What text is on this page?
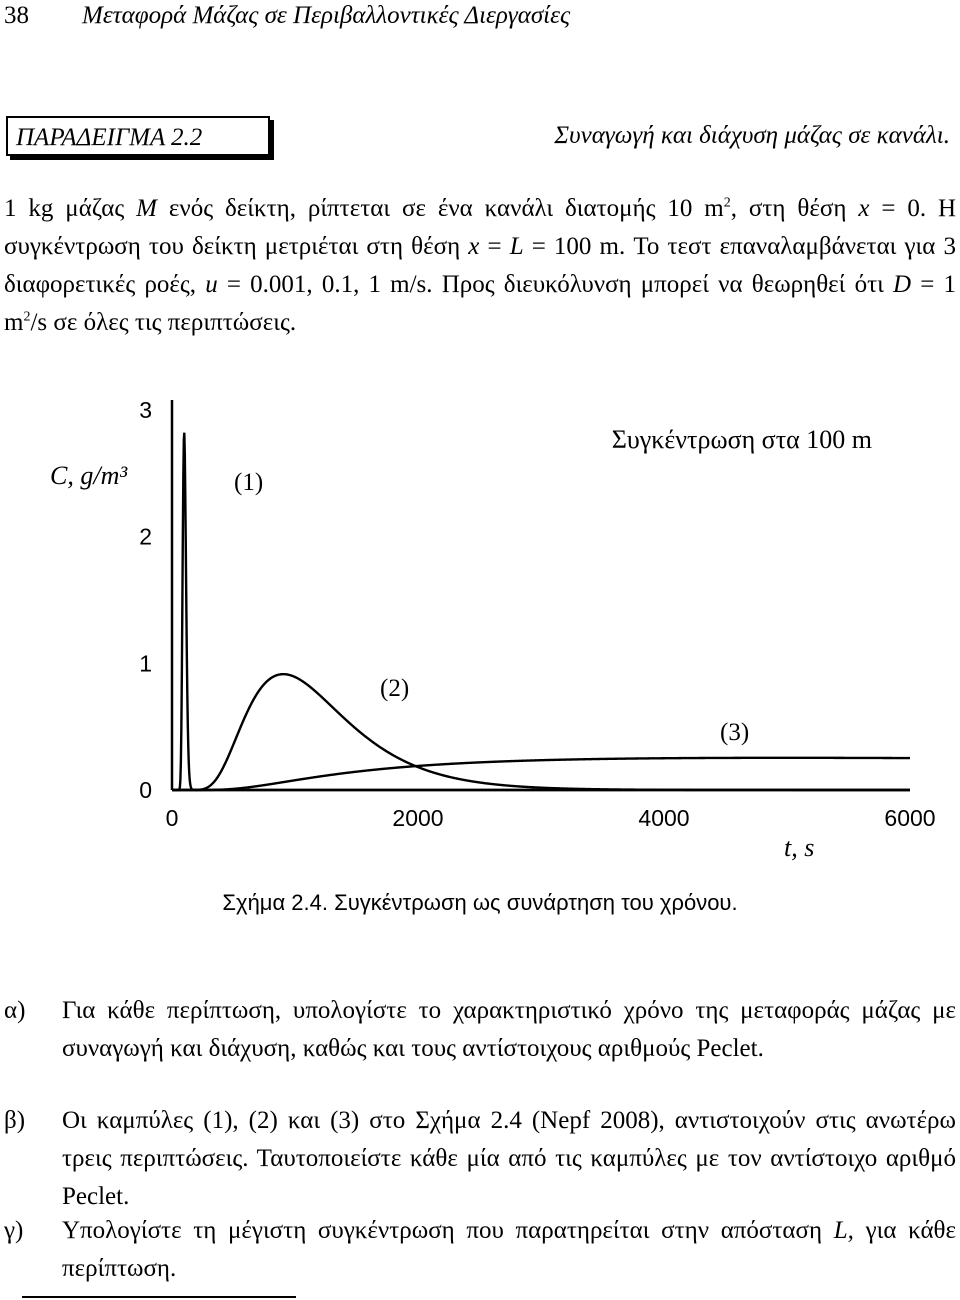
38 Μεταφορά Μάζας σε Περιβαλλοντικές Διεργασίες
ΠΑΡΑΔΕΙΓΜΑ 2.2	Συναγωγή και διάχυση μάζας σε κανάλι.

1 kg μάζας M ενός δείκτη, ρίπτεται σε ένα κανάλι διατομής 10 $m^2$, στη θέση x = 0. Η συγκέντρωση του δείκτη μετριέται στη θέση x = L = 100 m. Το τεστ επαναλαμβάνεται για 3 διαφορετικές ροές, u = 0.001, 0.1, 1 m/s. Προς διευκόλυνση μπορεί να θεωρηθεί ότι D = 1 $m^2/s$ σε όλες τις περιπτώσεις.

0	2000	4000	6000
0
1
2
3
(1)
(2)
(3)
Συγκέντρωση στα 100 m
C, g/m³
t, s
Σχήμα 2.4. Συγκέντρωση ως συνάρτηση του χρόνου.
α) Για κάθε περίπτωση, υπολογίστε το χαρακτηριστικό χρόνο της μεταφοράς μάζας με συναγωγή και διάχυση, καθώς και τους αντίστοιχους αριθμούς Peclet.
β) Οι καμπύλες (1), (2) και (3) στο Σχήμα 2.4 (Nepf 2008), αντιστοιχούν στις ανωτέρω τρεις περιπτώσεις. Ταυτοποιείστε κάθε μία από τις καμπύλες με τον αντίστοιχο αριθμό Peclet.
γ) Υπολογίστε τη μέγιστη συγκέντρωση που παρατηρείται στην απόσταση L, για κάθε περίπτωση.
